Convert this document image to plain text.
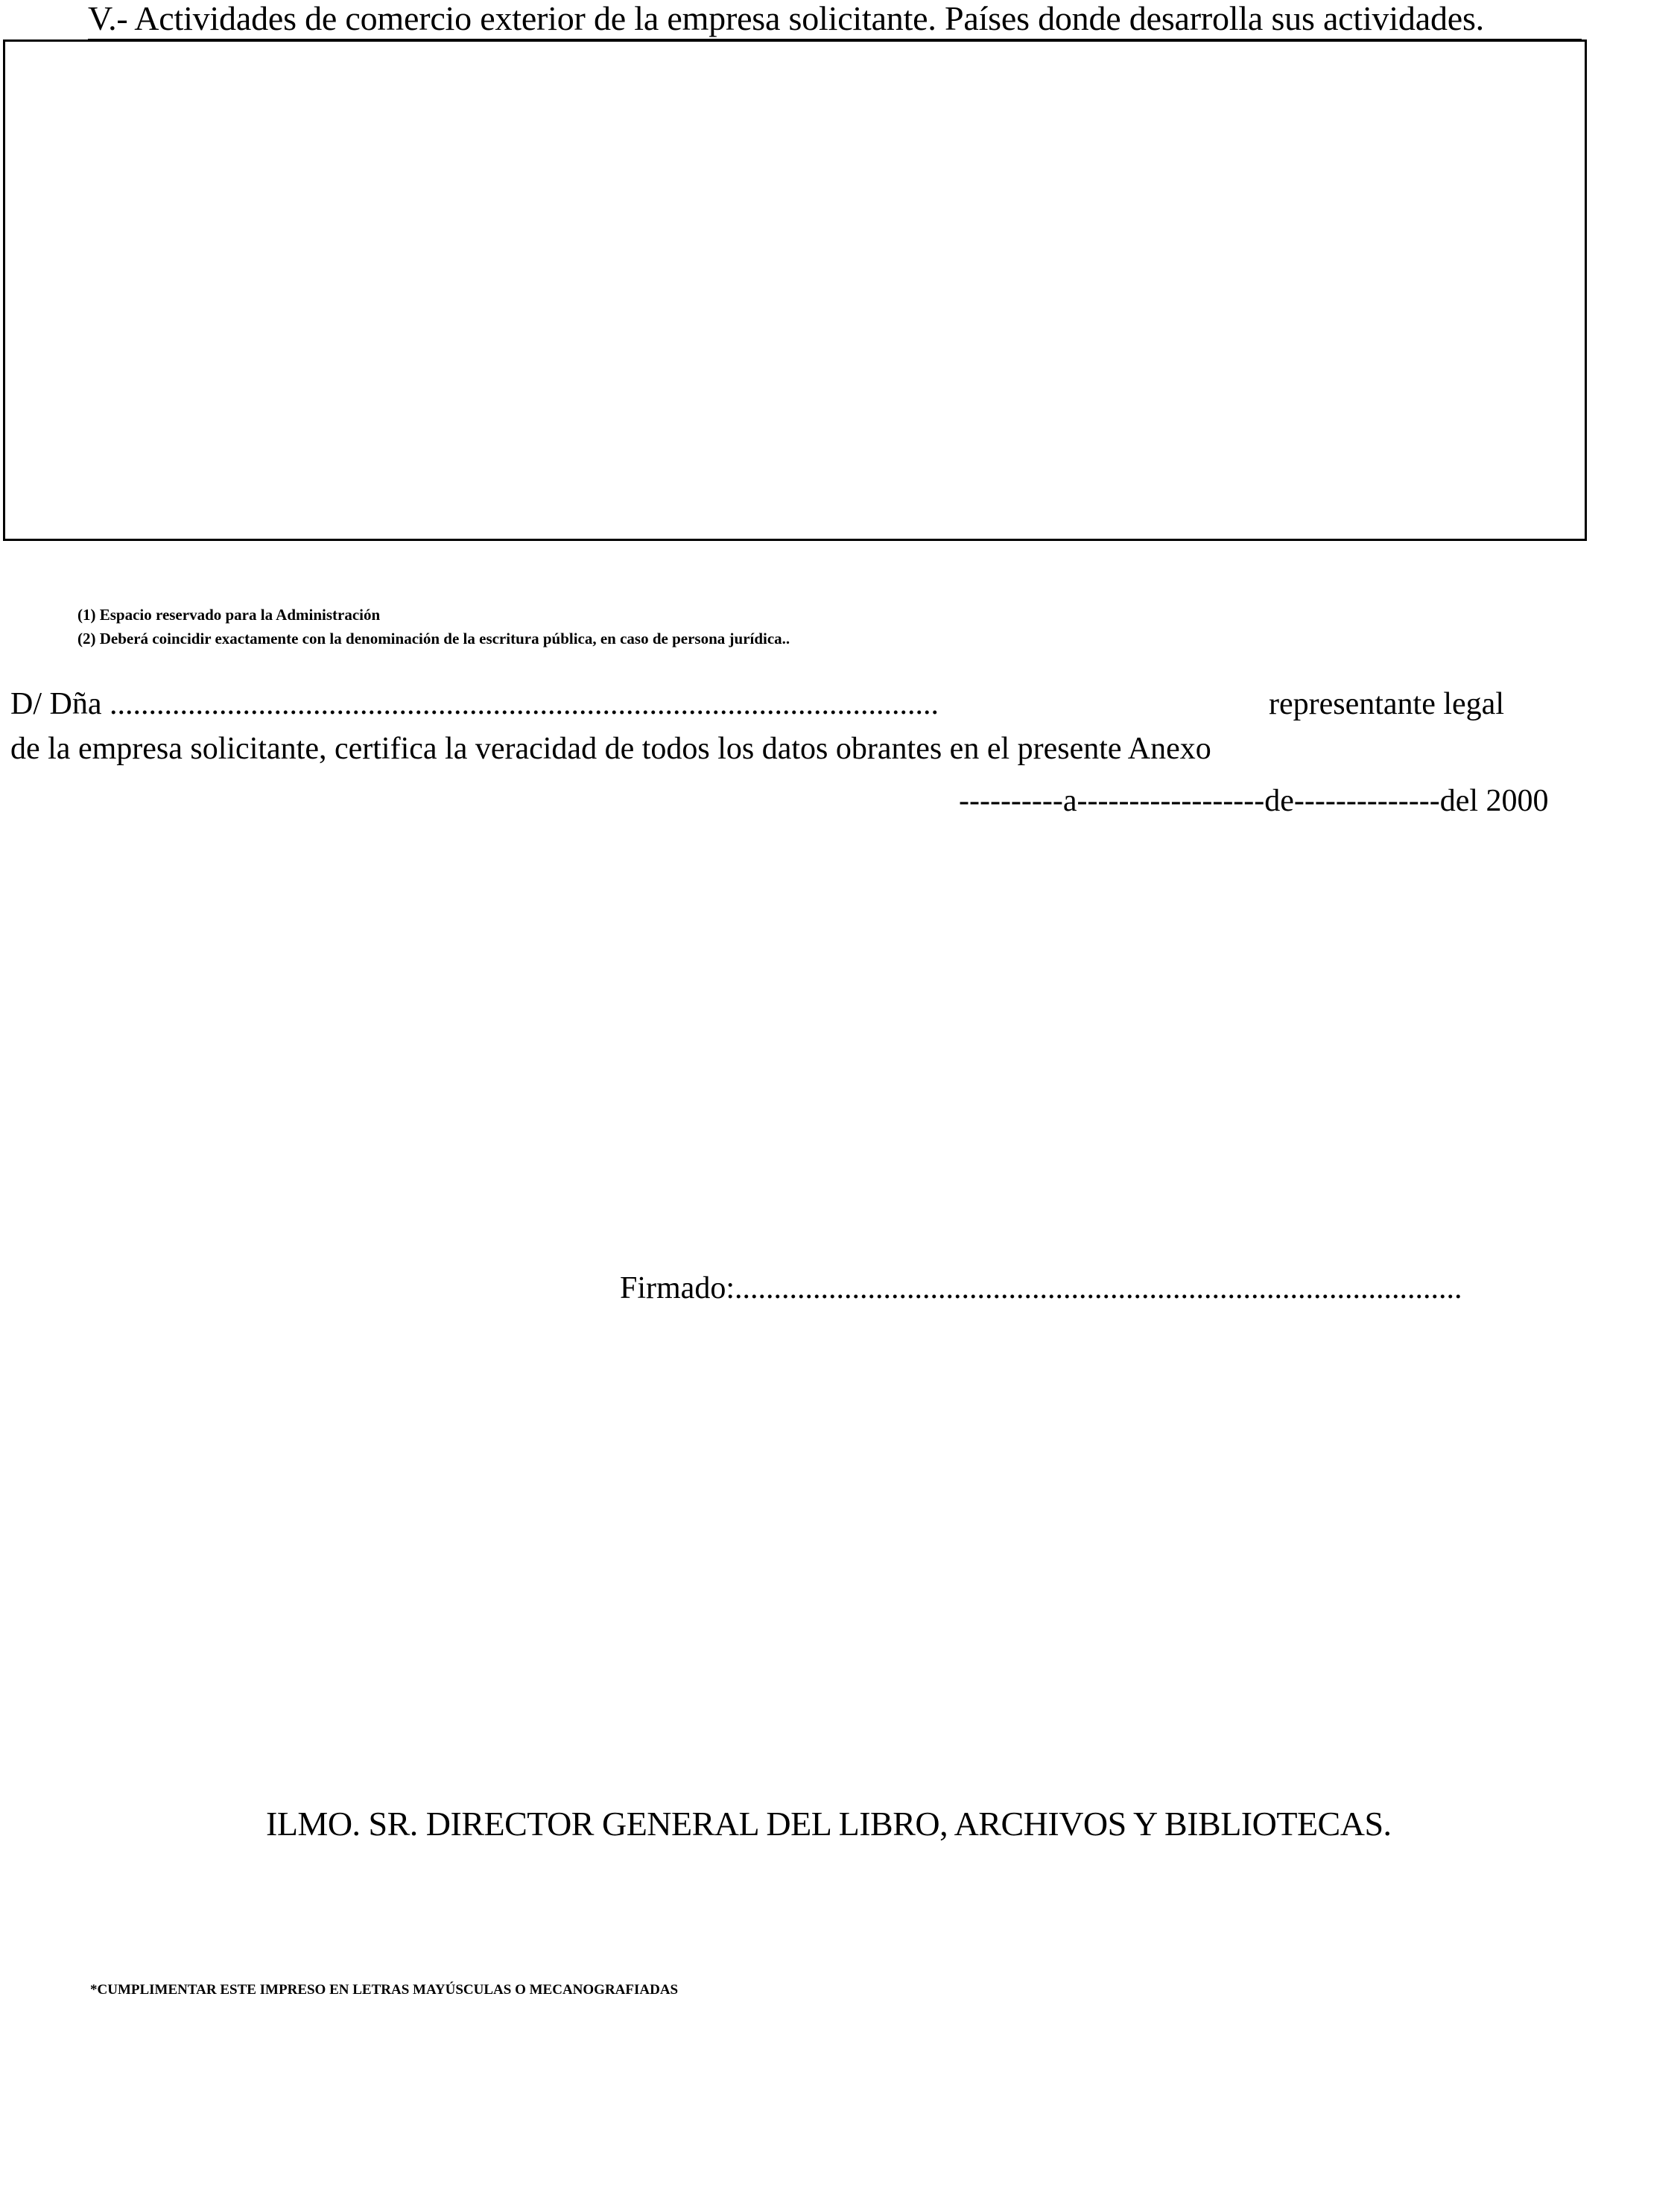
V.- Actividades de comercio exterior de la empresa solicitante. Países donde desarrolla sus actividades.
(1) Espacio reservado para la Administración
(2) Deberá coincidir exactamente con la denominación de la escritura pública, en caso de persona jurídica..
D/ Dña ..........................................................................................................	representante legal
de la empresa solicitante, certifica la veracidad de todos los datos obrantes en el presente Anexo
----------a------------------de--------------del 2000
Firmado:.............................................................................................
ILMO. SR. DIRECTOR GENERAL DEL LIBRO, ARCHIVOS Y BIBLIOTECAS.
*CUMPLIMENTAR ESTE IMPRESO EN LETRAS MAYÚSCULAS O MECANOGRAFIADAS
